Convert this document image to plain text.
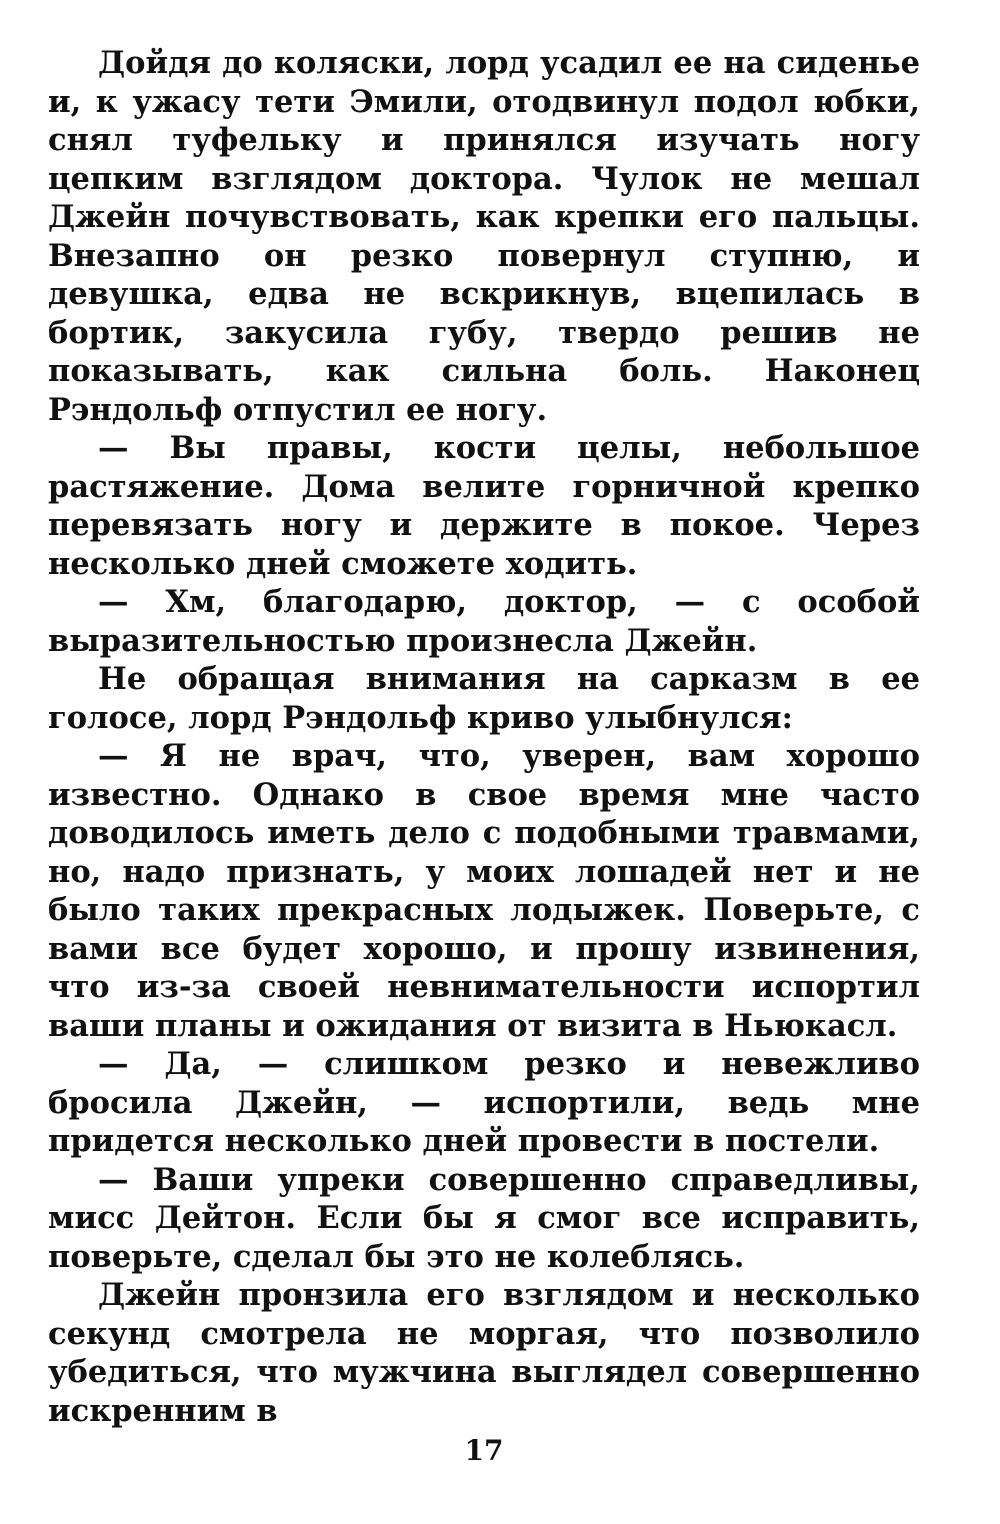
Дойдя до коляски, лорд усадил ее на сиденье и, к ужасу тети Эмили, отодвинул подол юбки, снял туфельку и принялся изучать ногу цепким взглядом доктора. Чулок не мешал Джейн почувствовать, как крепки его пальцы. Внезапно он резко повернул ступню, и девушка, едва не вскрикнув, вцепилась в бортик, закусила губу, твердо решив не показывать, как сильна боль. Наконец Рэндольф отпустил ее ногу.

— Вы правы, кости целы, небольшое растяжение. Дома велите горничной крепко перевязать ногу и держите в покое. Через несколько дней сможете ходить.

— Хм, благодарю, доктор, — с особой выразительностью произнесла Джейн.

Не обращая внимания на сарказм в ее голосе, лорд Рэндольф криво улыбнулся:

— Я не врач, что, уверен, вам хорошо известно. Однако в свое время мне часто доводилось иметь дело с подобными травмами, но, надо признать, у моих лошадей нет и не было таких прекрасных лодыжек. Поверьте, с вами все будет хорошо, и прошу извинения, что из-за своей невнимательности испортил ваши планы и ожидания от визита в Ньюкасл.

— Да, — слишком резко и невежливо бросила Джейн, — испортили, ведь мне придется несколько дней провести в постели.

— Ваши упреки совершенно справедливы, мисс Дейтон. Если бы я смог все исправить, поверьте, сделал бы это не колеблясь.

Джейн пронзила его взглядом и несколько секунд смотрела не моргая, что позволило убедиться, что мужчина выглядел совершенно искренним в

17
